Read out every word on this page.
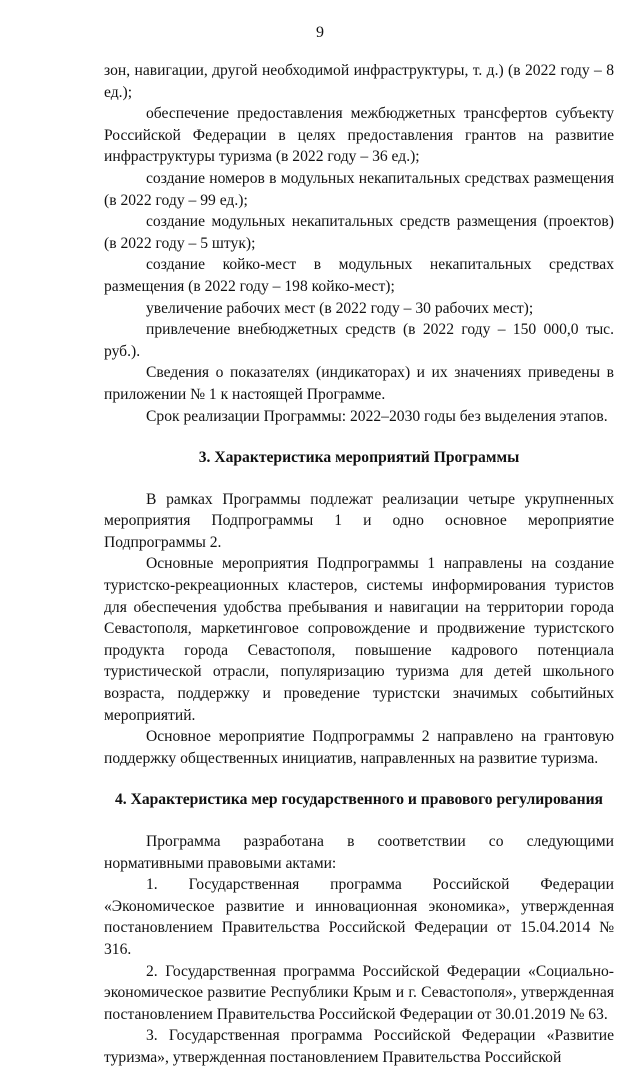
9

зон, навигации, другой необходимой инфраструктуры, т. д.) (в 2022 году – 8 ед.);

обеспечение предоставления межбюджетных трансфертов субъекту Российской Федерации в целях предоставления грантов на развитие инфраструктуры туризма (в 2022 году – 36 ед.);

создание номеров в модульных некапитальных средствах размещения (в 2022 году – 99 ед.);

создание модульных некапитальных средств размещения (проектов) (в 2022 году – 5 штук);

создание койко-мест в модульных некапитальных средствах размещения (в 2022 году – 198 койко-мест);

увеличение рабочих мест (в 2022 году – 30 рабочих мест);

привлечение внебюджетных средств (в 2022 году – 150 000,0 тыс. руб.).

Сведения о показателях (индикаторах) и их значениях приведены в приложении № 1 к настоящей Программе.

Срок реализации Программы: 2022–2030 годы без выделения этапов.

3. Характеристика мероприятий Программы

В рамках Программы подлежат реализации четыре укрупненных мероприятия Подпрограммы 1 и одно основное мероприятие Подпрограммы 2.

Основные мероприятия Подпрограммы 1 направлены на создание туристско-рекреационных кластеров, системы информирования туристов для обеспечения удобства пребывания и навигации на территории города Севастополя, маркетинговое сопровождение и продвижение туристского продукта города Севастополя, повышение кадрового потенциала туристической отрасли, популяризацию туризма для детей школьного возраста, поддержку и проведение туристски значимых событийных мероприятий.

Основное мероприятие Подпрограммы 2 направлено на грантовую поддержку общественных инициатив, направленных на развитие туризма.

4. Характеристика мер государственного и правового регулирования

Программа разработана в соответствии со следующими нормативными правовыми актами:

1. Государственная программа Российской Федерации «Экономическое развитие и инновационная экономика», утвержденная постановлением Правительства Российской Федерации от 15.04.2014 № 316.

2. Государственная программа Российской Федерации «Социально-экономическое развитие Республики Крым и г. Севастополя», утвержденная постановлением Правительства Российской Федерации от 30.01.2019 № 63.

3. Государственная программа Российской Федерации «Развитие туризма», утвержденная постановлением Правительства Российской
